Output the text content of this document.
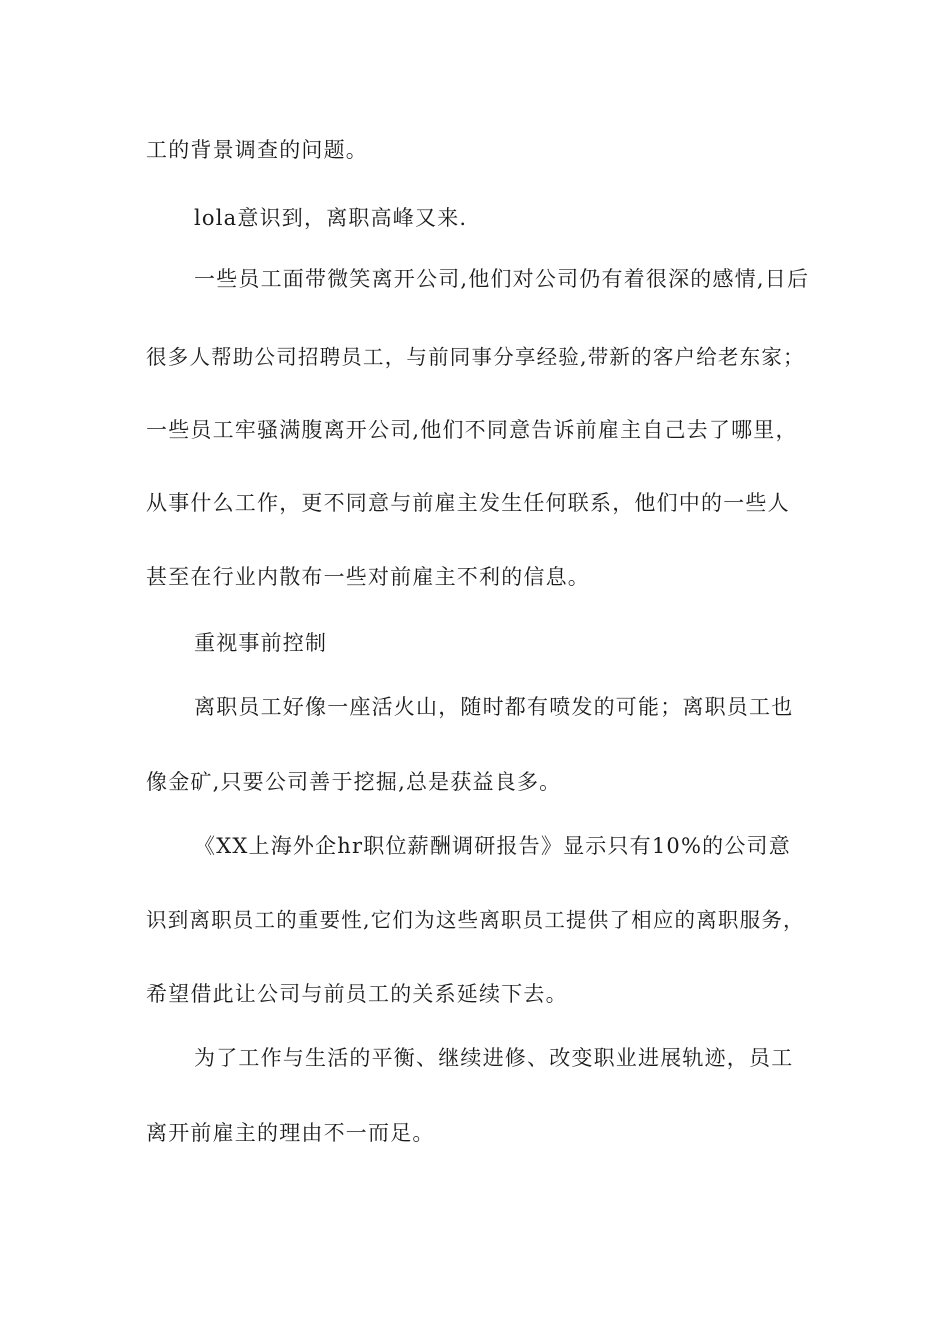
工的背景调查的问题。
lola意识到，离职高峰又来.
一些员工面带微笑离开公司,他们对公司仍有着很深的感情,日后
很多人帮助公司招聘员工，与前同事分享经验,带新的客户给老东家；
一些员工牢骚满腹离开公司,他们不同意告诉前雇主自己去了哪里，
从事什么工作，更不同意与前雇主发生任何联系，他们中的一些人
甚至在行业内散布一些对前雇主不利的信息。
重视事前控制
离职员工好像一座活火山，随时都有喷发的可能；离职员工也
像金矿,只要公司善于挖掘,总是获益良多。
《XX上海外企hr职位薪酬调研报告》显示只有10%的公司意
识到离职员工的重要性,它们为这些离职员工提供了相应的离职服务，
希望借此让公司与前员工的关系延续下去。
为了工作与生活的平衡、继续进修、改变职业进展轨迹，员工
离开前雇主的理由不一而足。
